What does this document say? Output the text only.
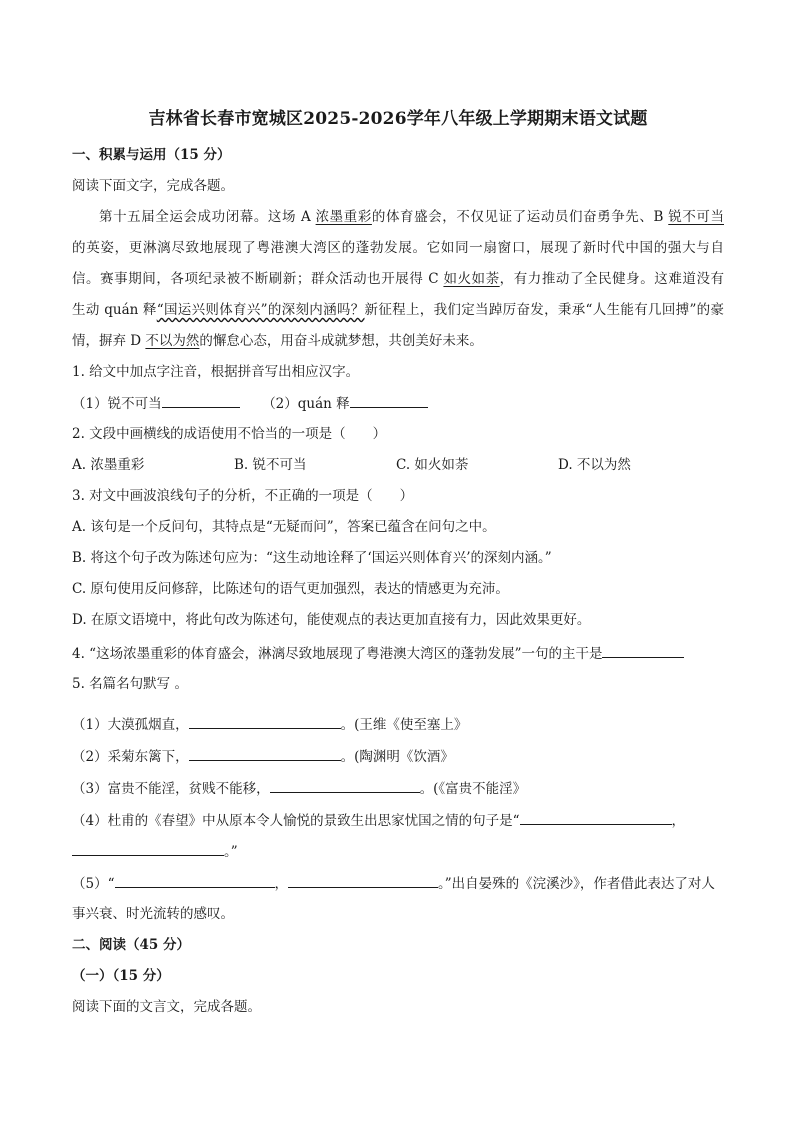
吉林省长春市宽城区2025-2026学年八年级上学期期末语文试题
一、积累与运用（15 分）
阅读下面文字，完成各题。
第十五届全运会成功闭幕。这场 A 浓墨重彩的体育盛会，不仅见证了运动员们奋勇争先、B 锐不可当
的英姿，更淋漓尽致地展现了粤港澳大湾区的蓬勃发展。它如同一扇窗口，展现了新时代中国的强大与自
信。赛事期间，各项纪录被不断刷新；群众活动也开展得 C 如火如荼，有力推动了全民健身。这难道没有
生动 quán 释“国运兴则体育兴”的深刻内涵吗？新征程上，我们定当踔厉奋发，秉承“人生能有几回搏”的豪
情，摒弃 D 不以为然的懈怠心态，用奋斗成就梦想，共创美好未来。
1. 给文中加点字注音，根据拼音写出相应汉字。
（1）锐不可当	（2）quán 释
2. 文段中画横线的成语使用不恰当的一项是（　　）
A. 浓墨重彩	B. 锐不可当	C. 如火如荼	D. 不以为然
3. 对文中画波浪线句子的分析，不正确的一项是（　　）
A. 该句是一个反问句，其特点是“无疑而问”，答案已蕴含在问句之中。
B. 将这个句子改为陈述句应为：“这生动地诠释了‘国运兴则体育兴’的深刻内涵。”
C. 原句使用反问修辞，比陈述句的语气更加强烈，表达的情感更为充沛。
D. 在原文语境中，将此句改为陈述句，能使观点的表达更加直接有力，因此效果更好。
4. “这场浓墨重彩的体育盛会，淋漓尽致地展现了粤港澳大湾区的蓬勃发展”一句的主干是
5. 名篇名句默写 。
（1）大漠孤烟直，	。(王维《使至塞上》
（2）采菊东篱下，	。(陶渊明《饮酒》
（3）富贵不能淫，贫贱不能移，	。(《富贵不能淫》
（4）杜甫的《春望》中从原本令人愉悦的景致生出思家忧国之情的句子是“	，
。”
（5）“	，	。”出自晏殊的《浣溪沙》，作者借此表达了对人
事兴衰、时光流转的感叹。
二、阅读（45 分）
（一）（15 分）
阅读下面的文言文，完成各题。
